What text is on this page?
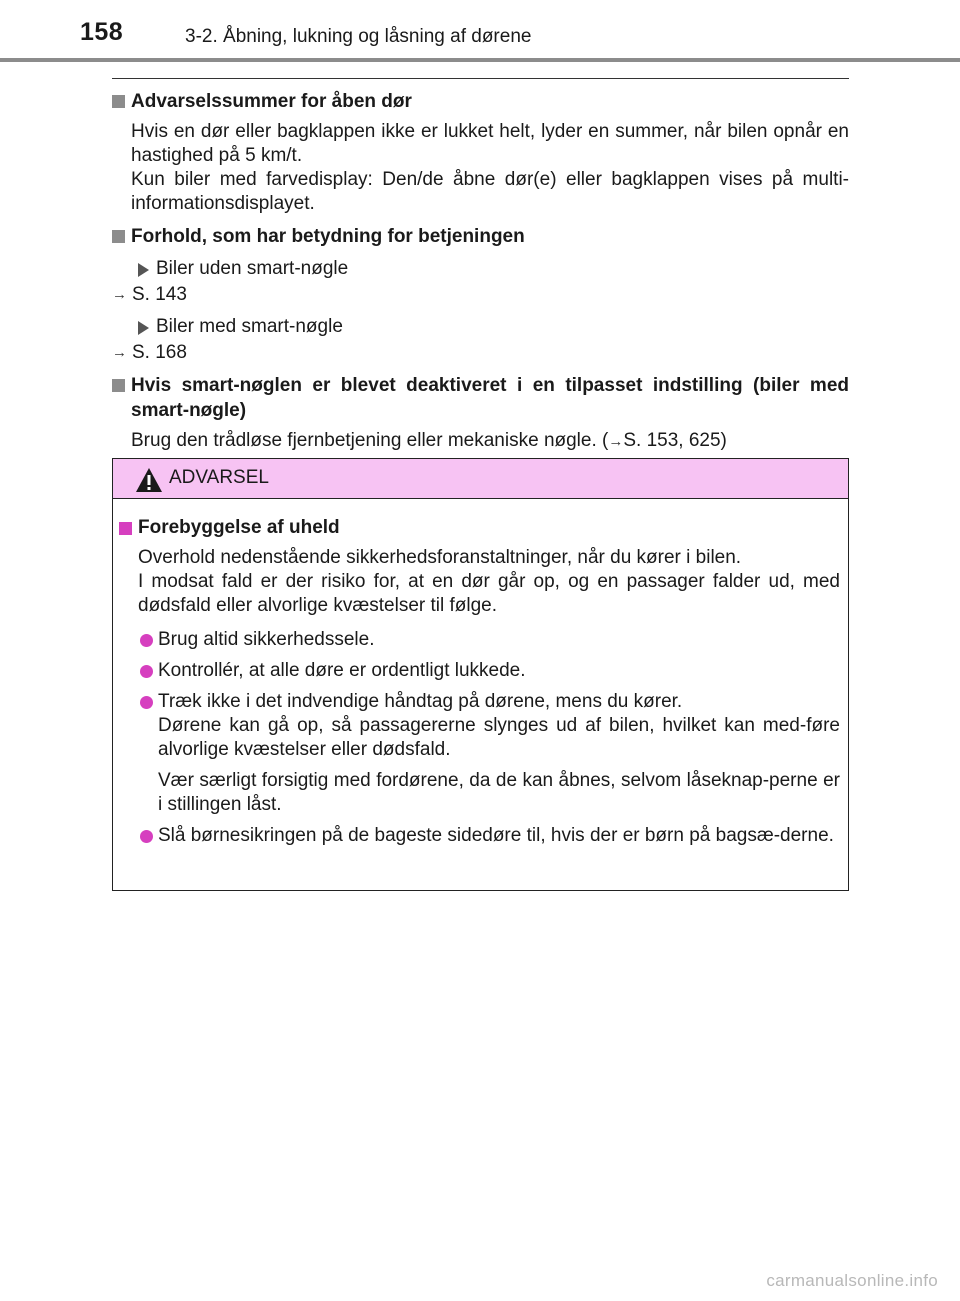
158	3-2. Åbning, lukning og låsning af dørene
Advarselssummer for åben dør
Hvis en dør eller bagklappen ikke er lukket helt, lyder en summer, når bilen opnår en hastighed på 5 km/t.
Kun biler med farvedisplay: Den/de åbne dør(e) eller bagklappen vises på multi-informationsdisplayet.
Forhold, som har betydning for betjeningen
Biler uden smart-nøgle
→ S. 143
Biler med smart-nøgle
→ S. 168
Hvis smart-nøglen er blevet deaktiveret i en tilpasset indstilling (biler med smart-nøgle)
Brug den trådløse fjernbetjening eller mekaniske nøgle. (→S. 153, 625)
ADVARSEL
Forebyggelse af uheld
Overhold nedenstående sikkerhedsforanstaltninger, når du kører i bilen.
I modsat fald er der risiko for, at en dør går op, og en passager falder ud, med dødsfald eller alvorlige kvæstelser til følge.
Brug altid sikkerhedssele.
Kontrollér, at alle døre er ordentligt lukkede.
Træk ikke i det indvendige håndtag på dørene, mens du kører.
Dørene kan gå op, så passagererne slynges ud af bilen, hvilket kan med-føre alvorlige kvæstelser eller dødsfald.
Vær særligt forsigtig med fordørene, da de kan åbnes, selvom låseknap-perne er i stillingen låst.
Slå børnesikringen på de bageste sidedøre til, hvis der er børn på bagsæ-derne.
carmanualsonline.info
